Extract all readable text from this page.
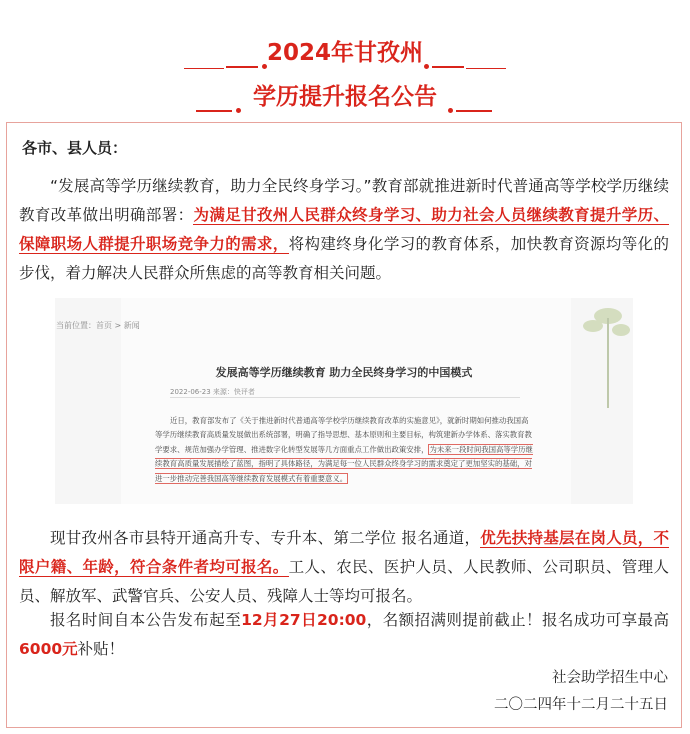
2024年甘孜州
学历提升报名公告
各市、县人员：
“发展高等学历继续教育，助力全民终身学习。”教育部就推进新时代普通高等学校学历继续教育改革做出明确部署：为满足甘孜州人民群众终身学习、助力社会人员继续教育提升学历、保障职场人群提升职场竞争力的需求，将构建终身化学习的教育体系，加快教育资源均等化的步伐，着力解决人民群众所焦虑的高等教育相关问题。
当前位置：首页 > 新闻
发展高等学历继续教育 助力全民终身学习的中国模式
2022-06-23 来源：快评者
近日，教育部发布了《关于推进新时代普通高等学校学历继续教育改革的实施意见》，就新时期如何推动我国高等学历继续教育高质量发展做出系统部署，明确了指导思想、基本原则和主要目标，构筑建新办学体系、落实教育教学要求、规范加强办学管理、推进数字化转型发展等几方面重点工作做出政策安排，为未来一段时间我国高等学历继续教育高质量发展描绘了蓝图，指明了具体路径，为满足每一位人民群众终身学习的需求奠定了更加坚实的基础，对进一步推动完善我国高等继续教育发展模式有着重要意义。
现甘孜州各市县特开通高升专、专升本、第二学位 报名通道，优先扶持基层在岗人员，不限户籍、年龄，符合条件者均可报名。工人、农民、医护人员、人民教师、公司职员、管理人员、解放军、武警官兵、公安人员、残障人士等均可报名。
报名时间自本公告发布起至12月27日20:00，名额招满则提前截止！报名成功可享最高6000元补贴！
社会助学招生中心
二〇二四年十二月二十五日
